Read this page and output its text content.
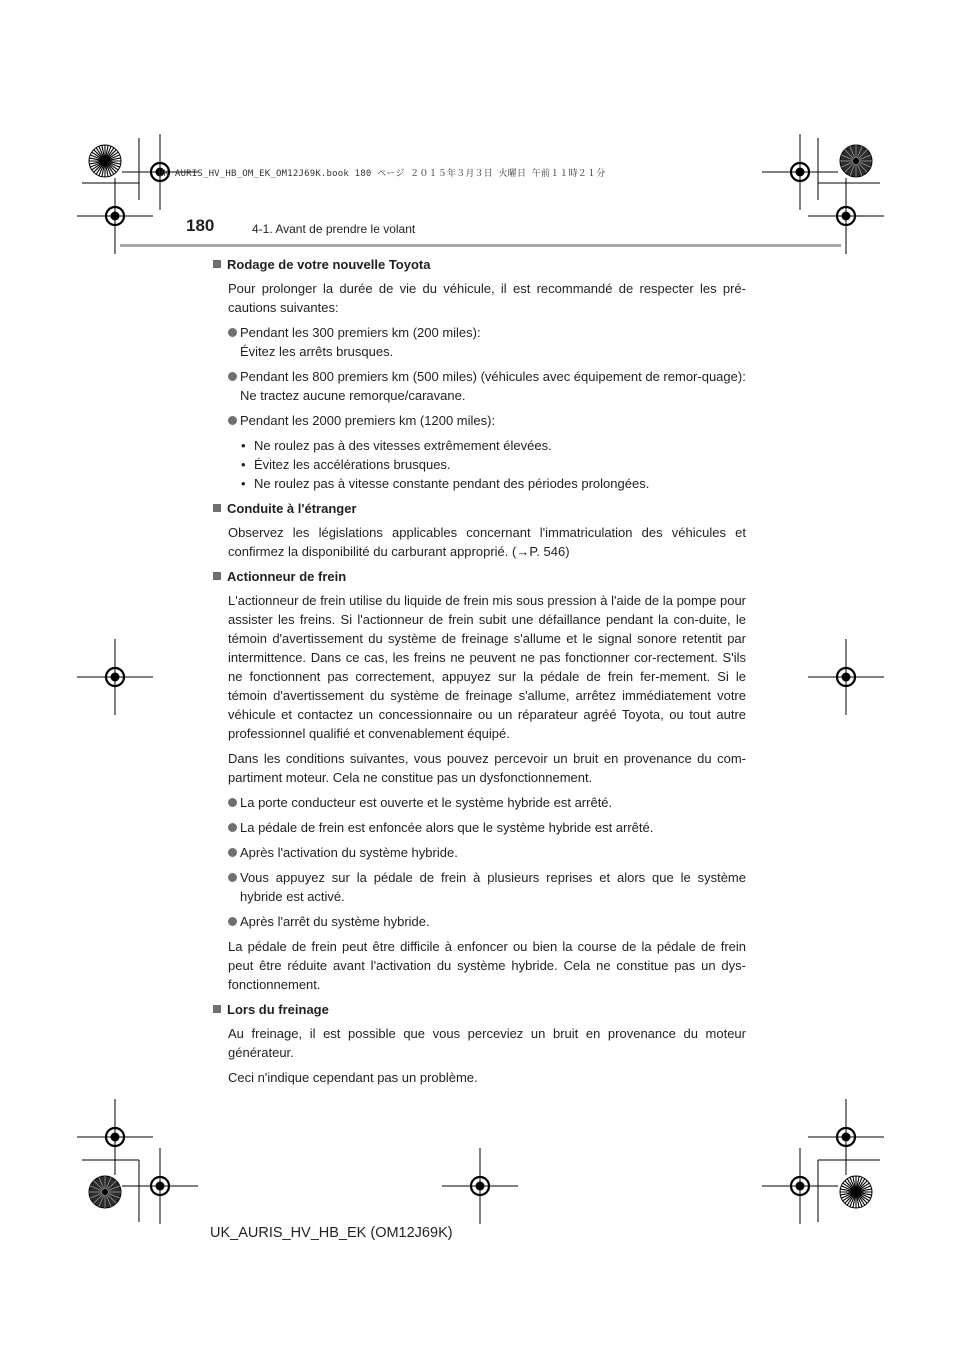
UK AURIS_HV_HB_OM_EK_OM12J69K.book 180 ページ ２０１５年３月３日 火曜日 午前１１時２１分
180	4-1. Avant de prendre le volant
Rodage de votre nouvelle Toyota
Pour prolonger la durée de vie du véhicule, il est recommandé de respecter les pré-cautions suivantes:
Pendant les 300 premiers km (200 miles):
Évitez les arrêts brusques.
Pendant les 800 premiers km (500 miles) (véhicules avec équipement de remor-quage):
Ne tractez aucune remorque/caravane.
Pendant les 2000 premiers km (1200 miles):
• Ne roulez pas à des vitesses extrêmement élevées.
• Évitez les accélérations brusques.
• Ne roulez pas à vitesse constante pendant des périodes prolongées.
Conduite à l'étranger
Observez les législations applicables concernant l'immatriculation des véhicules et confirmez la disponibilité du carburant approprié. (→P. 546)
Actionneur de frein
L'actionneur de frein utilise du liquide de frein mis sous pression à l'aide de la pompe pour assister les freins. Si l'actionneur de frein subit une défaillance pendant la con-duite, le témoin d'avertissement du système de freinage s'allume et le signal sonore retentit par intermittence. Dans ce cas, les freins ne peuvent ne pas fonctionner cor-rectement. S'ils ne fonctionnent pas correctement, appuyez sur la pédale de frein fer-mement. Si le témoin d'avertissement du système de freinage s'allume, arrêtez immédiatement votre véhicule et contactez un concessionnaire ou un réparateur agréé Toyota, ou tout autre professionnel qualifié et convenablement équipé.
Dans les conditions suivantes, vous pouvez percevoir un bruit en provenance du com-partiment moteur. Cela ne constitue pas un dysfonctionnement.
La porte conducteur est ouverte et le système hybride est arrêté.
La pédale de frein est enfoncée alors que le système hybride est arrêté.
Après l'activation du système hybride.
Vous appuyez sur la pédale de frein à plusieurs reprises et alors que le système hybride est activé.
Après l'arrêt du système hybride.
La pédale de frein peut être difficile à enfoncer ou bien la course de la pédale de frein peut être réduite avant l'activation du système hybride. Cela ne constitue pas un dys-fonctionnement.
Lors du freinage
Au freinage, il est possible que vous perceviez un bruit en provenance du moteur générateur.
Ceci n'indique cependant pas un problème.
UK_AURIS_HV_HB_EK (OM12J69K)
